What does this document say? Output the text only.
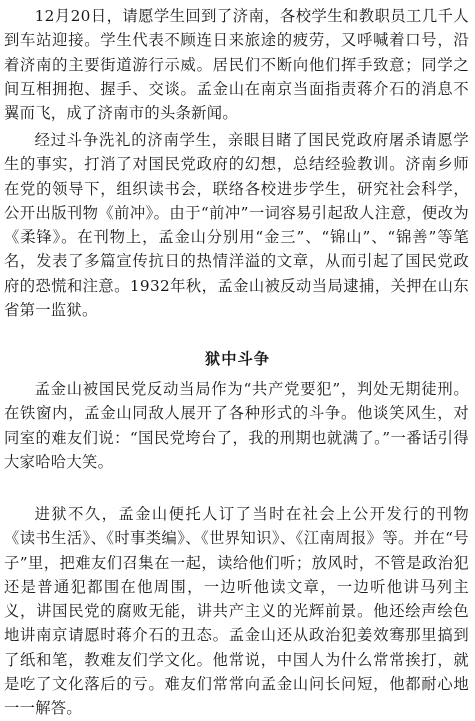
12月20日，请愿学生回到了济南，各校学生和教职员工几千人到车站迎接。学生代表不顾连日来旅途的疲劳，又呼喊着口号，沿着济南的主要街道游行示威。居民们不断向他们挥手致意；同学之间互相拥抱、握手、交谈。孟金山在南京当面指责蒋介石的消息不翼而飞，成了济南市的头条新闻。

经过斗争洗礼的济南学生，亲眼目睹了国民党政府屠杀请愿学生的事实，打消了对国民党政府的幻想，总结经验教训。济南乡师在党的领导下，组织读书会，联络各校进步学生，研究社会科学，公开出版刊物《前冲》。由于“前冲”一词容易引起敌人注意，便改为《柔锋》。在刊物上，孟金山分别用“金三”、“锦山”、“锦善”等笔名，发表了多篇宣传抗日的热情洋溢的文章，从而引起了国民党政府的恐慌和注意。1932年秋，孟金山被反动当局逮捕，关押在山东省第一监狱。

狱中斗争

孟金山被国民党反动当局作为“共产党要犯”，判处无期徒刑。在铁窗内，孟金山同敌人展开了各种形式的斗争。他谈笑风生，对同室的难友们说：“国民党垮台了，我的刑期也就满了。”一番话引得大家哈哈大笑。

进狱不久，孟金山便托人订了当时在社会上公开发行的刊物《读书生活》、《时事类编》、《世界知识》、《江南周报》等。并在“号子”里，把难友们召集在一起，读给他们听；放风时，不管是政治犯还是普通犯都围在他周围，一边听他读文章，一边听他讲马列主义，讲国民党的腐败无能，讲共产主义的光辉前景。他还绘声绘色地讲南京请愿时蒋介石的丑态。孟金山还从政治犯姜效骞那里搞到了纸和笔，教难友们学文化。他常说，中国人为什么常常挨打，就是吃了文化落后的亏。难友们常常向孟金山问长问短，他都耐心地一一解答。
